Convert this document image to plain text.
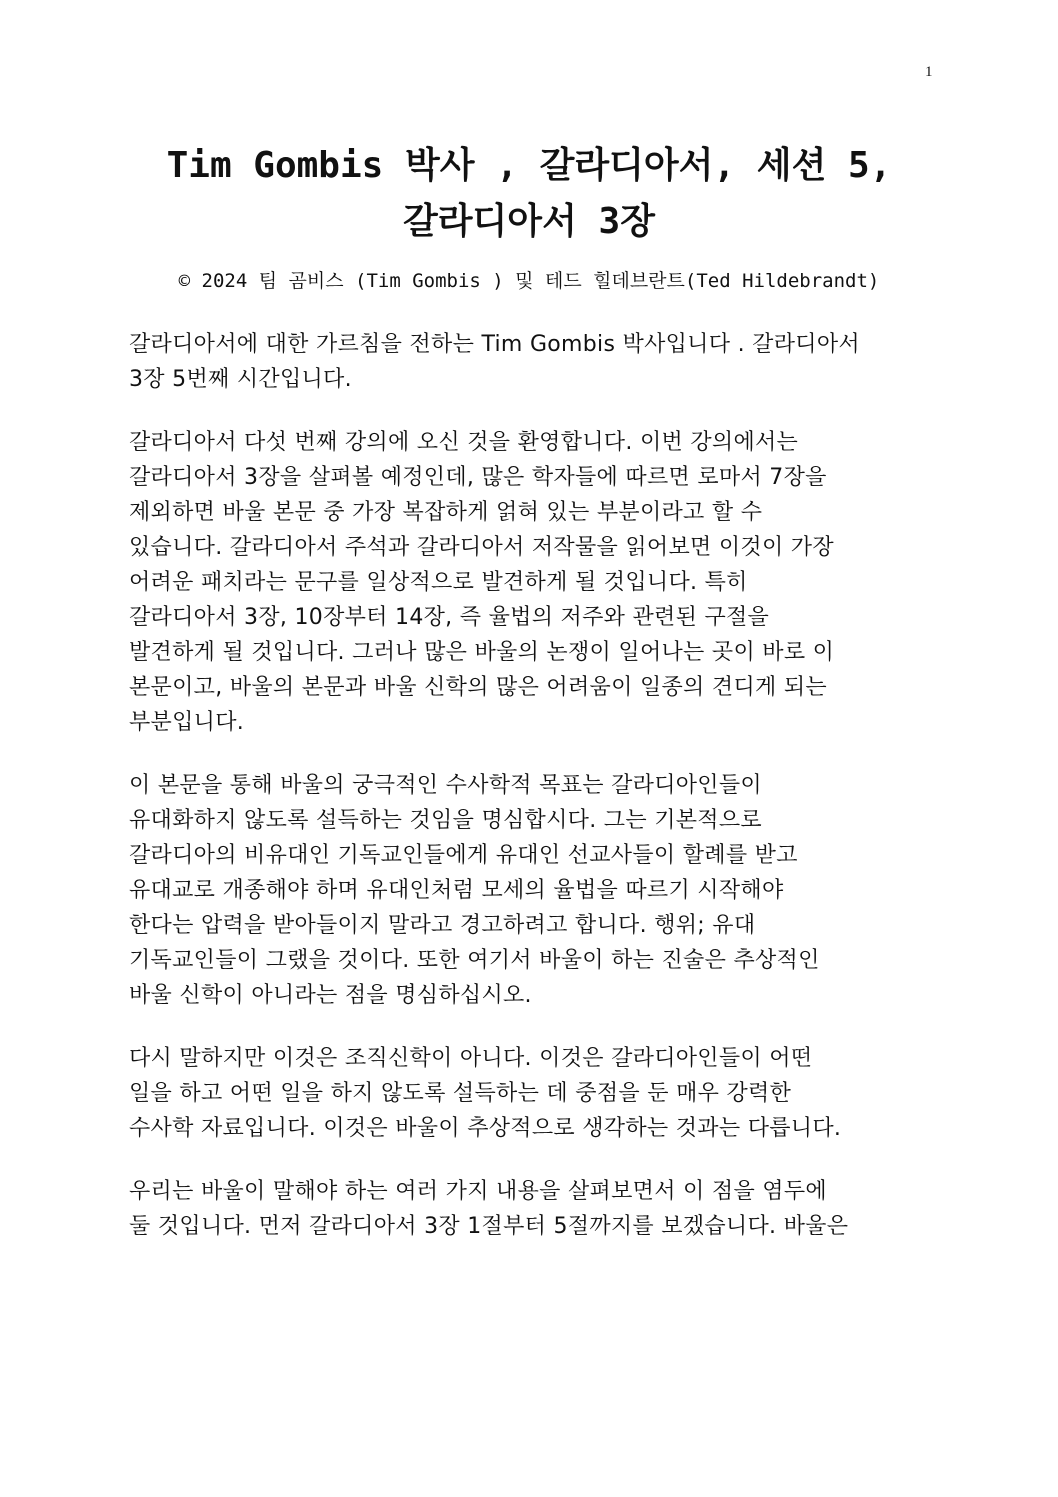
1
Tim Gombis 박사 , 갈라디아서, 세션 5,
갈라디아서 3장

© 2024 팀 곰비스 (Tim Gombis ) 및 테드 힐데브란트(Ted Hildebrandt)

갈라디아서에 대한 가르침을 전하는 Tim Gombis 박사입니다 . 갈라디아서
3장 5번째 시간입니다.

갈라디아서 다섯 번째 강의에 오신 것을 환영합니다. 이번 강의에서는
갈라디아서 3장을 살펴볼 예정인데, 많은 학자들에 따르면 로마서 7장을
제외하면 바울 본문 중 가장 복잡하게 얽혀 있는 부분이라고 할 수
있습니다. 갈라디아서 주석과 갈라디아서 저작물을 읽어보면 이것이 가장
어려운 패치라는 문구를 일상적으로 발견하게 될 것입니다. 특히
갈라디아서 3장, 10장부터 14장, 즉 율법의 저주와 관련된 구절을
발견하게 될 것입니다. 그러나 많은 바울의 논쟁이 일어나는 곳이 바로 이
본문이고, 바울의 본문과 바울 신학의 많은 어려움이 일종의 견디게 되는
부분입니다.

이 본문을 통해 바울의 궁극적인 수사학적 목표는 갈라디아인들이
유대화하지 않도록 설득하는 것임을 명심합시다. 그는 기본적으로
갈라디아의 비유대인 기독교인들에게 유대인 선교사들이 할례를 받고
유대교로 개종해야 하며 유대인처럼 모세의 율법을 따르기 시작해야
한다는 압력을 받아들이지 말라고 경고하려고 합니다. 행위; 유대
기독교인들이 그랬을 것이다. 또한 여기서 바울이 하는 진술은 추상적인
바울 신학이 아니라는 점을 명심하십시오.

다시 말하지만 이것은 조직신학이 아니다. 이것은 갈라디아인들이 어떤
일을 하고 어떤 일을 하지 않도록 설득하는 데 중점을 둔 매우 강력한
수사학 자료입니다. 이것은 바울이 추상적으로 생각하는 것과는 다릅니다.

우리는 바울이 말해야 하는 여러 가지 내용을 살펴보면서 이 점을 염두에
둘 것입니다. 먼저 갈라디아서 3장 1절부터 5절까지를 보겠습니다. 바울은
